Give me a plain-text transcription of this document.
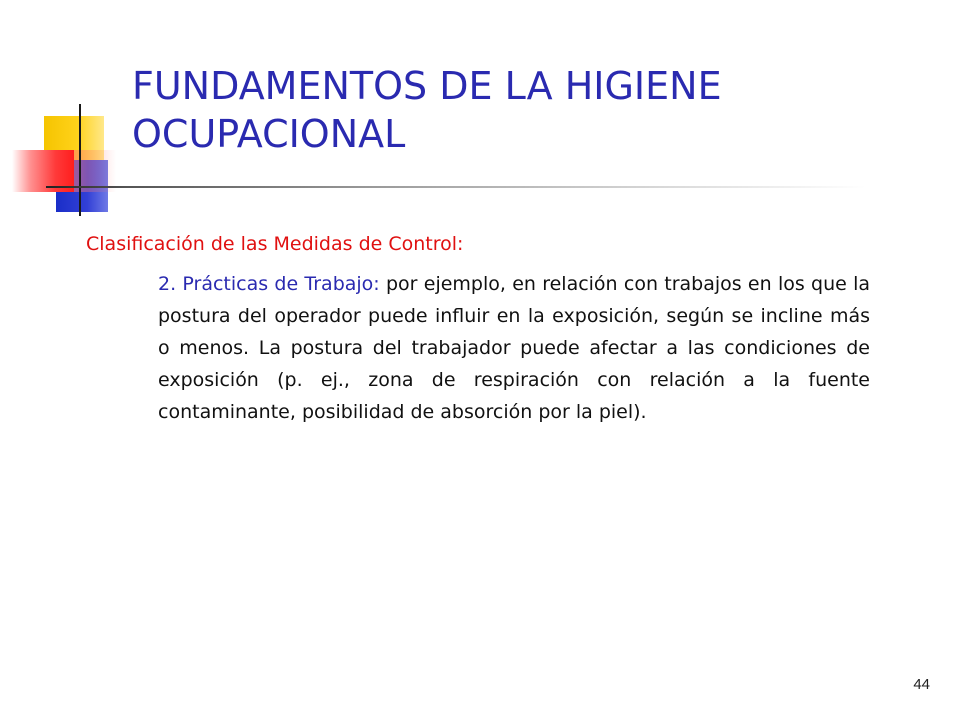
FUNDAMENTOS DE LA HIGIENE OCUPACIONAL

Clasificación de las Medidas de Control:

2. Prácticas de Trabajo: por ejemplo, en relación con trabajos en los que la postura del operador puede influir en la exposición, según se incline más o menos. La postura del trabajador puede afectar a las condiciones de exposición (p. ej., zona de respiración con relación a la fuente contaminante, posibilidad de absorción por la piel).

44
